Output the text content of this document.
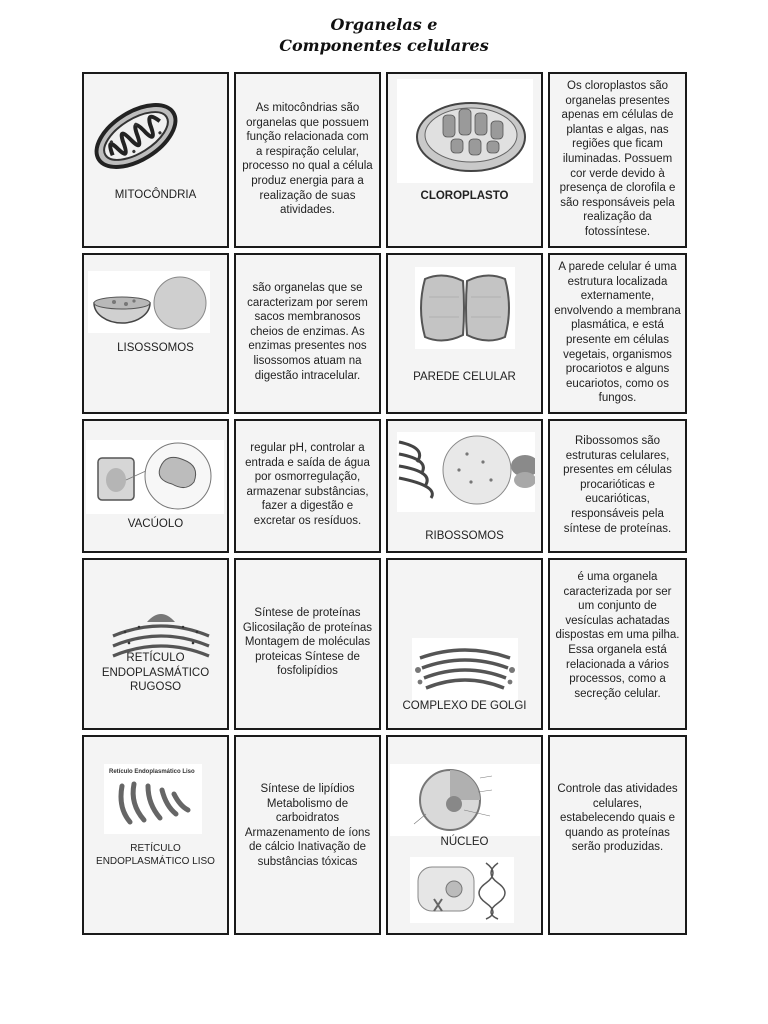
Organelas e
Componentes celulares
MITOCÔNDRIA
As mitocôndrias são organelas que possuem função relacionada com a respiração celular, processo no qual a célula produz energia para a realização de suas atividades.
CLOROPLASTO
Os cloroplastos são organelas presentes apenas em células de plantas e algas, nas regiões que ficam iluminadas. Possuem cor verde devido à presença de clorofila e são responsáveis pela realização da fotossíntese.
LISOSSOMOS
são organelas que se caracterizam por serem sacos membranosos cheios de enzimas. As enzimas presentes nos lisossomos atuam na digestão intracelular.	PAREDE CELULAR
A parede celular é uma estrutura localizada externamente, envolvendo a membrana plasmática, e está presente em células vegetais, organismos procariotos e alguns eucariotos, como os fungos.
VACÚOLO
regular pH, controlar a entrada e saída de água por osmorregulação, armazenar substâncias, fazer a digestão e excretar os resíduos.
RIBOSSOMOS
Ribossomos são estruturas celulares, presentes em células procarióticas e eucarióticas, responsáveis pela síntese de proteínas.
RETÍCULO ENDOPLASMÁTICO RUGOSO
Síntese de proteínas Glicosilação de proteínas Montagem de moléculas proteicas Síntese de fosfolipídios
COMPLEXO DE GOLGI
é uma organela caracterizada por ser um conjunto de vesículas achatadas dispostas em uma pilha. Essa organela está relacionada a vários processos, como a secreção celular.
Retículo Endoplasmático Liso
RETÍCULO ENDOPLASMÁTICO LISO
Síntese de lipídios Metabolismo de carboidratos Armazenamento de íons de cálcio Inativação de substâncias tóxicas
NÚCLEO
Controle das atividades celulares, estabelecendo quais e quando as proteínas serão produzidas.
